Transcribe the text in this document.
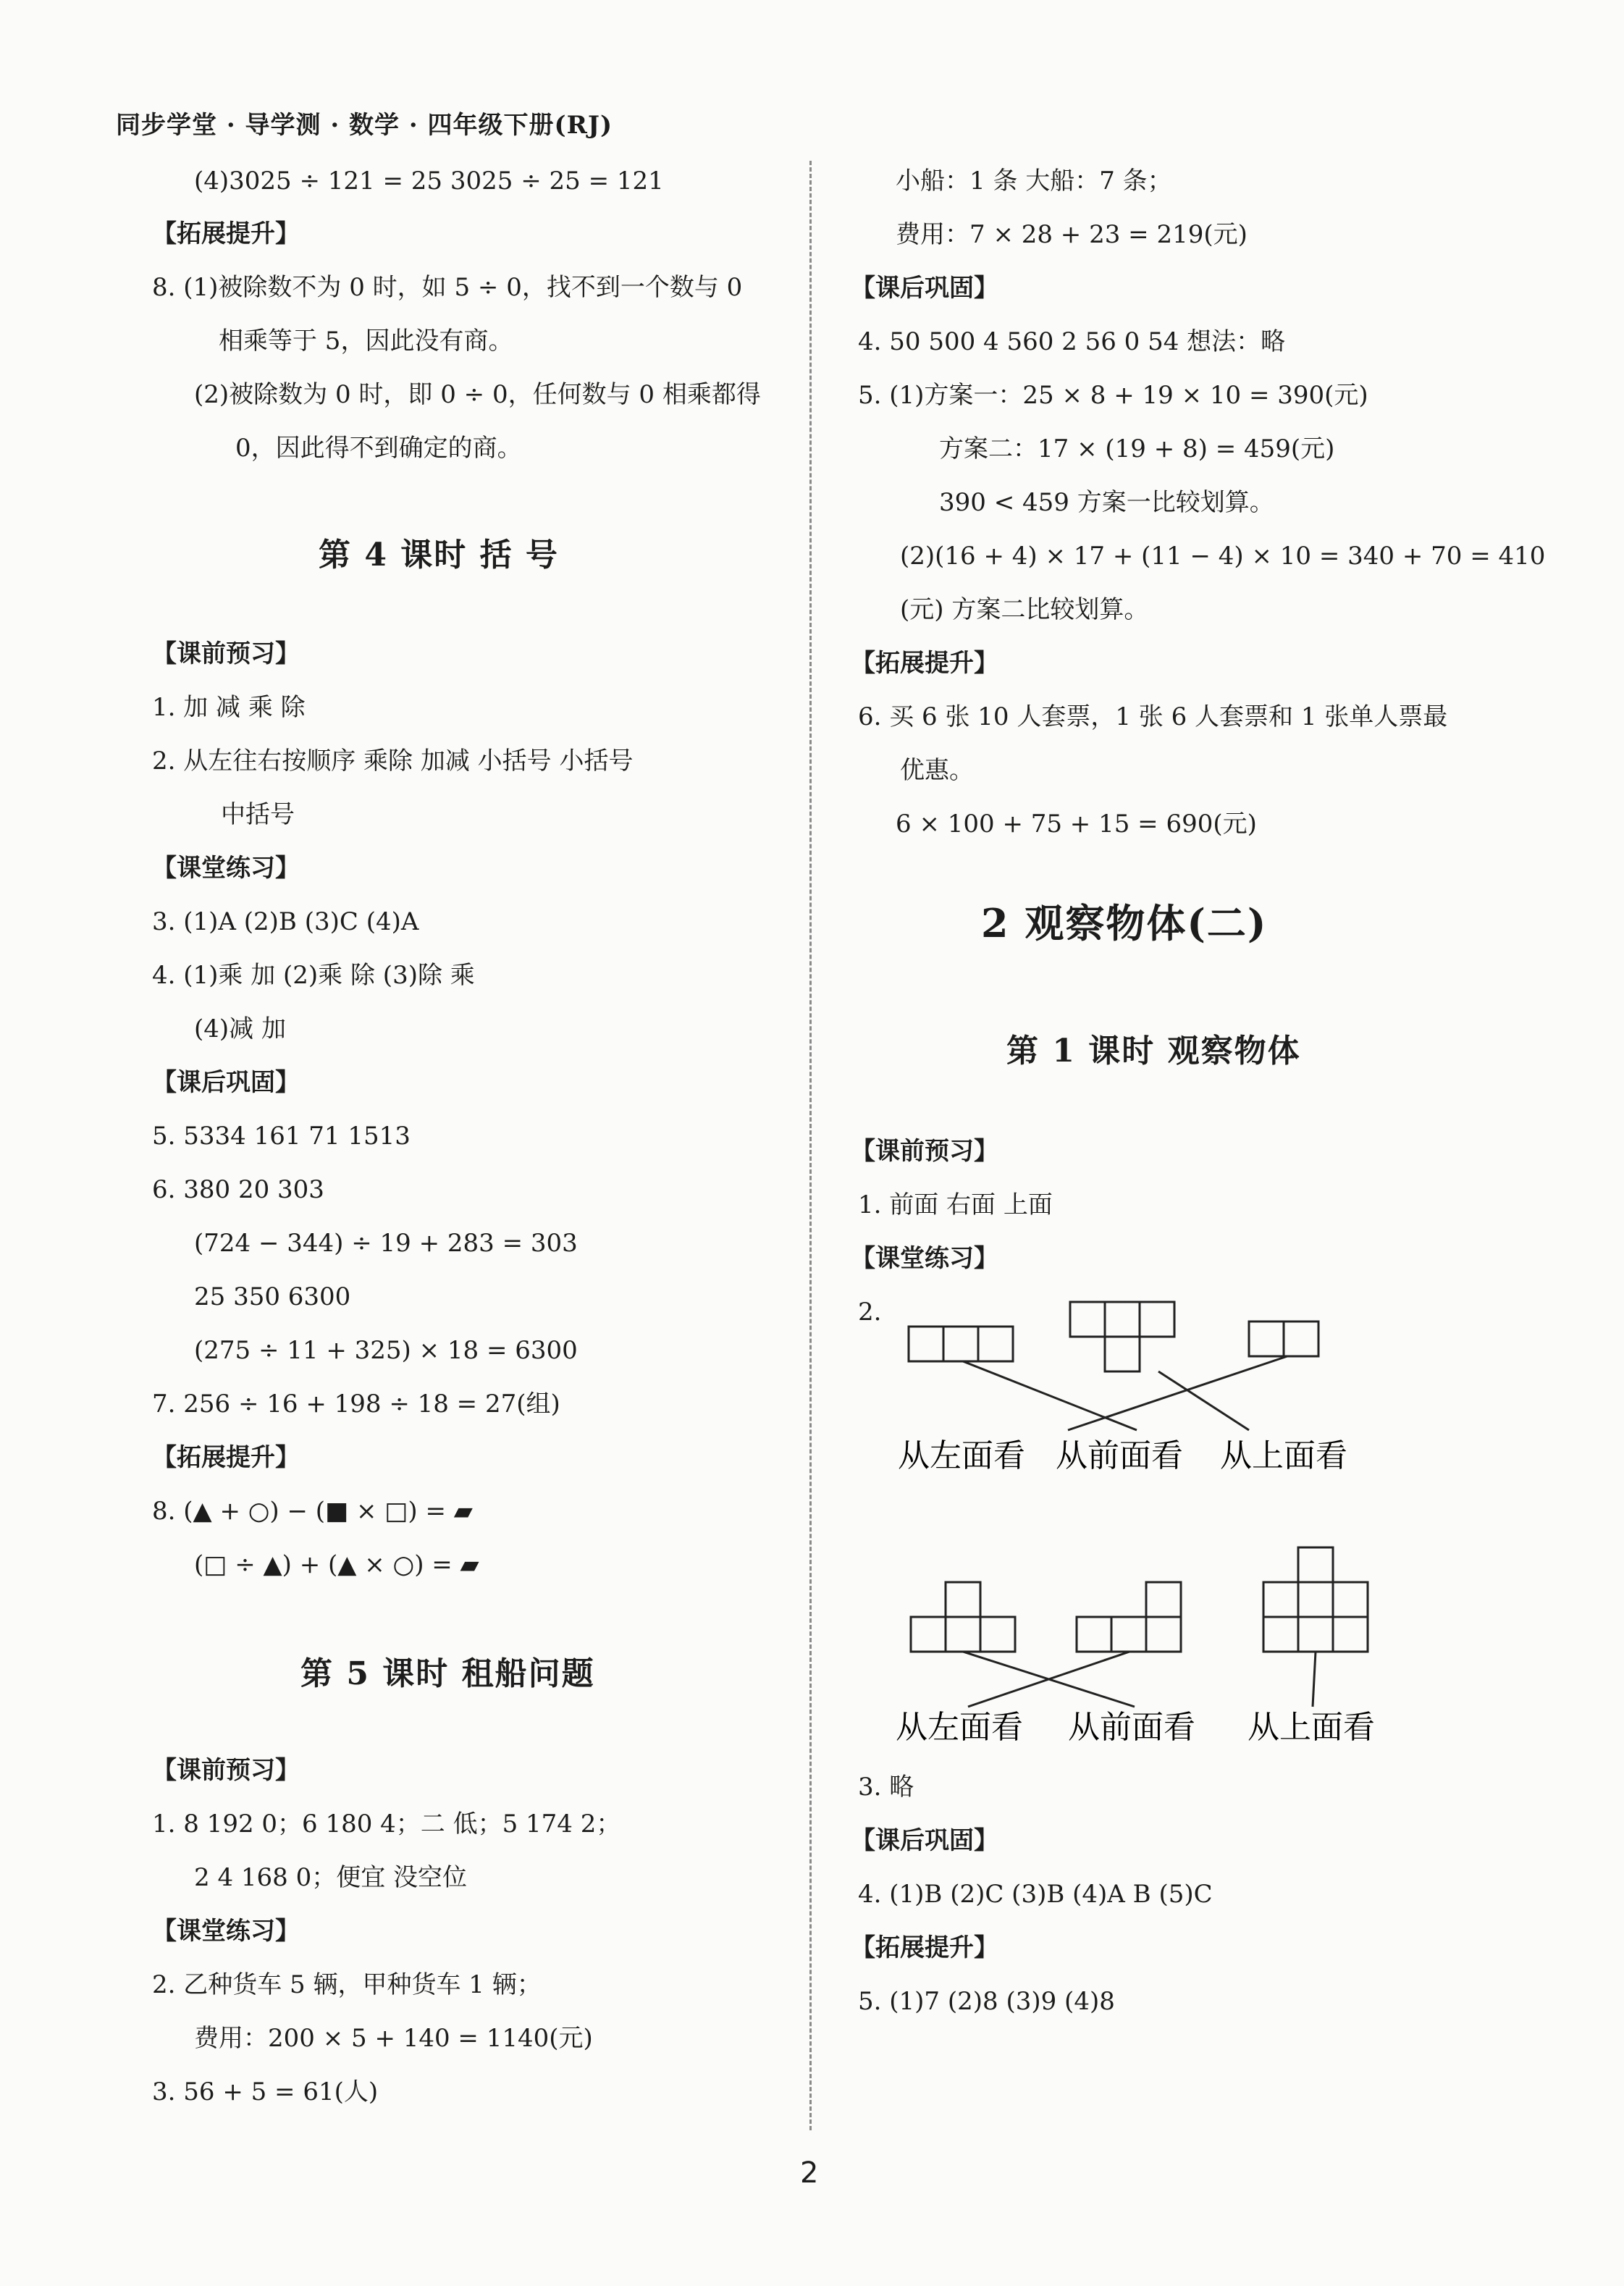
同步学堂 · 导学测 · 数学 · 四年级下册(RJ)
(4)3025 ÷ 121 = 25 3025 ÷ 25 = 121
【拓展提升】
8. (1)被除数不为 0 时，如 5 ÷ 0，找不到一个数与 0
相乘等于 5，因此没有商。
(2)被除数为 0 时，即 0 ÷ 0，任何数与 0 相乘都得
0，因此得不到确定的商。
第 4 课时 括 号
【课前预习】
1. 加 减 乘 除
2. 从左往右按顺序 乘除 加减 小括号 小括号
中括号
【课堂练习】
3. (1)A (2)B (3)C (4)A
4. (1)乘 加 (2)乘 除 (3)除 乘
(4)减 加
【课后巩固】
5. 5334 161 71 1513
6. 380 20 303
(724 − 344) ÷ 19 + 283 = 303
25 350 6300
(275 ÷ 11 + 325) × 18 = 6300
7. 256 ÷ 16 + 198 ÷ 18 = 27(组)
【拓展提升】
8. (▲ + ○) − (■ × □) = ▰
(□ ÷ ▲) + (▲ × ○) = ▰
第 5 课时 租船问题
【课前预习】
1. 8 192 0；6 180 4；二 低；5 174 2；
2 4 168 0；便宜 没空位
【课堂练习】
2. 乙种货车 5 辆，甲种货车 1 辆；
费用：200 × 5 + 140 = 1140(元)
3. 56 + 5 = 61(人)
小船：1 条 大船：7 条；
费用：7 × 28 + 23 = 219(元)
【课后巩固】
4. 50 500 4 560 2 56 0 54 想法：略
5. (1)方案一：25 × 8 + 19 × 10 = 390(元)
方案二：17 × (19 + 8) = 459(元)
390 < 459 方案一比较划算。
(2)(16 + 4) × 17 + (11 − 4) × 10 = 340 + 70 = 410
(元) 方案二比较划算。
【拓展提升】
6. 买 6 张 10 人套票，1 张 6 人套票和 1 张单人票最
优惠。
6 × 100 + 75 + 15 = 690(元)
2 观察物体(二)
第 1 课时 观察物体
【课前预习】
1. 前面 右面 上面
【课堂练习】
2.
3. 略
【课后巩固】
4. (1)B (2)C (3)B (4)A B (5)C
【拓展提升】
5. (1)7 (2)8 (3)9 (4)8
从左面看 从前面看 从上面看
从左面看 从前面看 从上面看
2
